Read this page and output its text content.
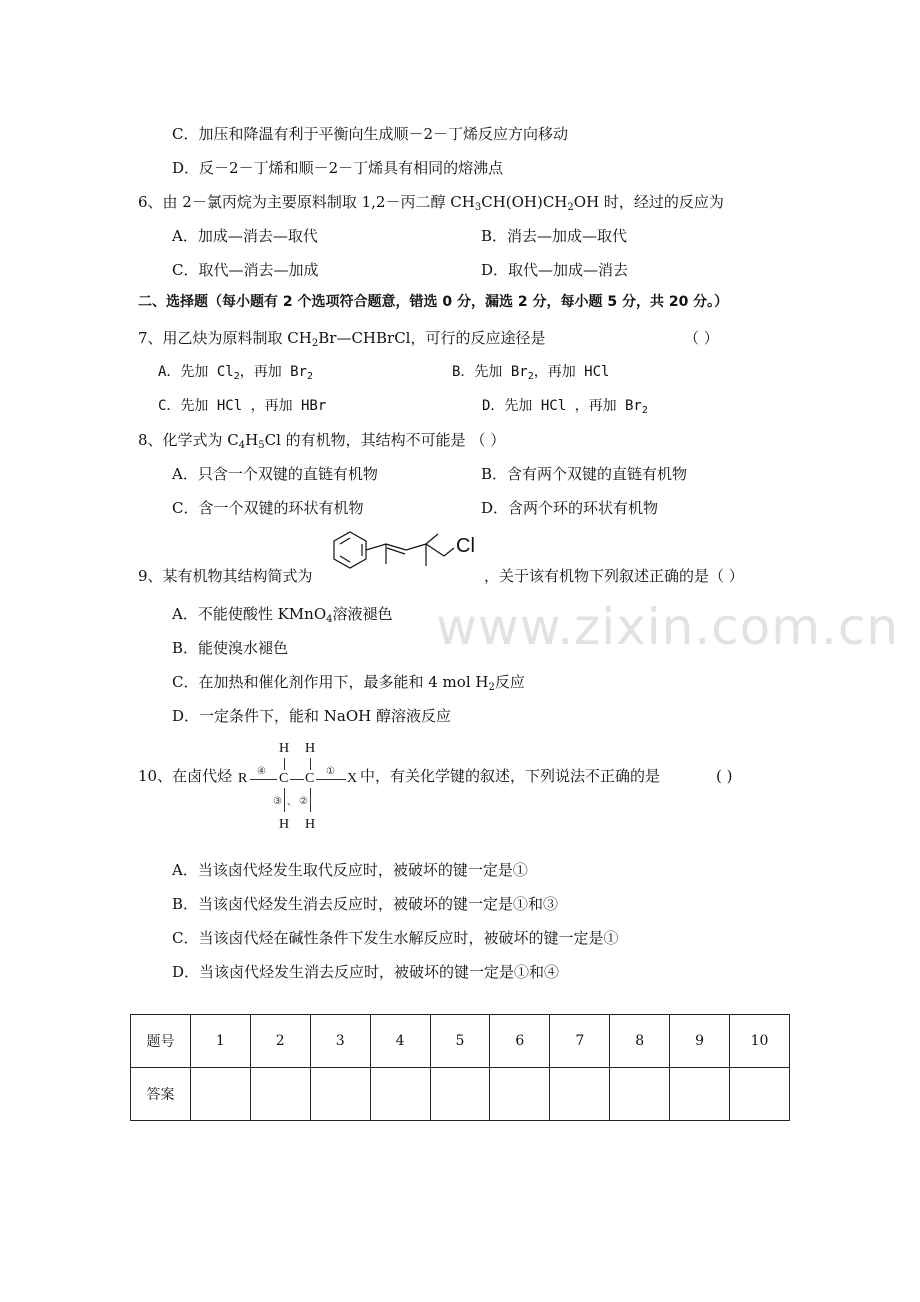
www.zixin.com.cn
C．加压和降温有利于平衡向生成顺－2－丁烯反应方向移动
D．反－2－丁烯和顺－2－丁烯具有相同的熔沸点
6、由 2－氯丙烷为主要原料制取 1,2－丙二醇 $CH_3CH(OH)CH_2OH$ 时，经过的反应为
A．加成—消去—取代	B．消去—加成—取代
C．取代—消去—加成	D．取代—加成—消去
二、选择题（每小题有 2 个选项符合题意，错选 0 分，漏选 2 分，每小题 5 分，共 20 分。）
7、用乙炔为原料制取 $CH_2Br—CHBrCl$，可行的反应途径是	（ ）
A．先加 $Cl_2$，再加 $Br_2$	B．先加 $Br_2$，再加 HCl
C．先加 HCl ，再加 HBr	D．先加 HCl ，再加 $Br_2$
8、化学式为 $C_4H_5Cl$ 的有机物，其结构不可能是 （ ）
A．只含一个双键的直链有机物	B．含有两个双键的直链有机物
C．含一个双键的环状有机物	D．含两个环的环状有机物
9、某有机物其结构简式为
Cl
，关于该有机物下列叙述正确的是（ ）
A．不能使酸性 KMnO$_4$溶液褪色
B．能使溴水褪色
C．在加热和催化剂作用下，最多能和 4 mol $H_2$反应
D．一定条件下，能和 NaOH 醇溶液反应
10、在卤代烃
H H
R ④ C C ① X
③ 、 ②
H H
中，有关化学键的叙述，下列说法不正确的是	( )
A．当该卤代烃发生取代反应时，被破坏的键一定是①
B．当该卤代烃发生消去反应时，被破坏的键一定是①和③
C．当该卤代烃在碱性条件下发生水解反应时，被破坏的键一定是①
D．当该卤代烃发生消去反应时，被破坏的键一定是①和④
题号	1	2	3	4	5	6	7	8	9	10
答案										
